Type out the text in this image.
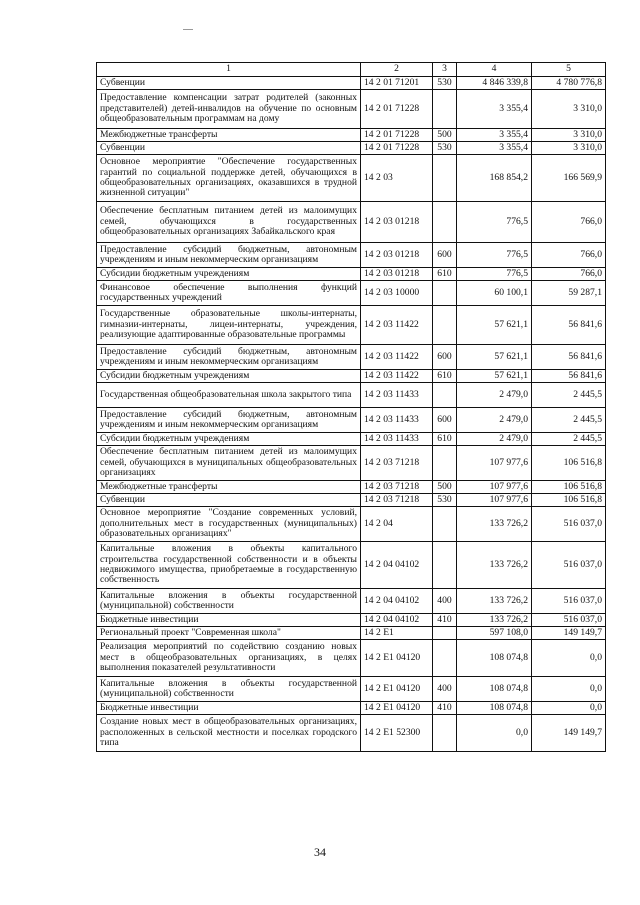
1	2	3	4	5
Субвенции	14 2 01 71201	530	4 846 339,8	4 780 776,8
Предоставление компенсации затрат родителей (законных представителей) детей-инвалидов на обучение по основным общеобразовательным программам на дому	14 2 01 71228		3 355,4	3 310,0
Межбюджетные трансферты	14 2 01 71228	500	3 355,4	3 310,0
Субвенции	14 2 01 71228	530	3 355,4	3 310,0
Основное мероприятие "Обеспечение государственных гарантий по социальной поддержке детей, обучающихся в общеобразовательных организациях, оказавшихся в трудной жизненной ситуации"	14 2 03		168 854,2	166 569,9
Обеспечение бесплатным питанием детей из малоимущих семей, обучающихся в государственных общеобразовательных организациях Забайкальского края	14 2 03 01218		776,5	766,0
Предоставление субсидий бюджетным, автономным учреждениям и иным некоммерческим организациям	14 2 03 01218	600	776,5	766,0
Субсидии бюджетным учреждениям	14 2 03 01218	610	776,5	766,0
Финансовое обеспечение выполнения функций государственных учреждений	14 2 03 10000		60 100,1	59 287,1
Государственные образовательные школы-интернаты, гимназии-интернаты, лицеи-интернаты, учреждения, реализующие адаптированные образовательные программы	14 2 03 11422		57 621,1	56 841,6
Предоставление субсидий бюджетным, автономным учреждениям и иным некоммерческим организациям	14 2 03 11422	600	57 621,1	56 841,6
Субсидии бюджетным учреждениям	14 2 03 11422	610	57 621,1	56 841,6
Государственная общеобразовательная школа закрытого типа	14 2 03 11433		2 479,0	2 445,5
Предоставление субсидий бюджетным, автономным учреждениям и иным некоммерческим организациям	14 2 03 11433	600	2 479,0	2 445,5
Субсидии бюджетным учреждениям	14 2 03 11433	610	2 479,0	2 445,5
Обеспечение бесплатным питанием детей из малоимущих семей, обучающихся в муниципальных общеобразовательных организациях	14 2 03 71218		107 977,6	106 516,8
Межбюджетные трансферты	14 2 03 71218	500	107 977,6	106 516,8
Субвенции	14 2 03 71218	530	107 977,6	106 516,8
Основное мероприятие "Создание современных условий, дополнительных мест в государственных (муниципальных) образовательных организациях"	14 2 04		133 726,2	516 037,0
Капитальные вложения в объекты капитального строительства государственной собственности и в объекты недвижимого имущества, приобретаемые в государственную собственность	14 2 04 04102		133 726,2	516 037,0
Капитальные вложения в объекты государственной (муниципальной) собственности	14 2 04 04102	400	133 726,2	516 037,0
Бюджетные инвестиции	14 2 04 04102	410	133 726,2	516 037,0
Региональный проект "Современная школа"	14 2 E1		597 108,0	149 149,7
Реализация мероприятий по содействию созданию новых мест в общеобразовательных организациях, в целях выполнения показателей результативности	14 2 E1 04120		108 074,8	0,0
Капитальные вложения в объекты государственной (муниципальной) собственности	14 2 E1 04120	400	108 074,8	0,0
Бюджетные инвестиции	14 2 E1 04120	410	108 074,8	0,0
Создание новых мест в общеобразовательных организациях, расположенных в сельской местности и поселках городского типа	14 2 E1 52300		0,0	149 149,7
34
